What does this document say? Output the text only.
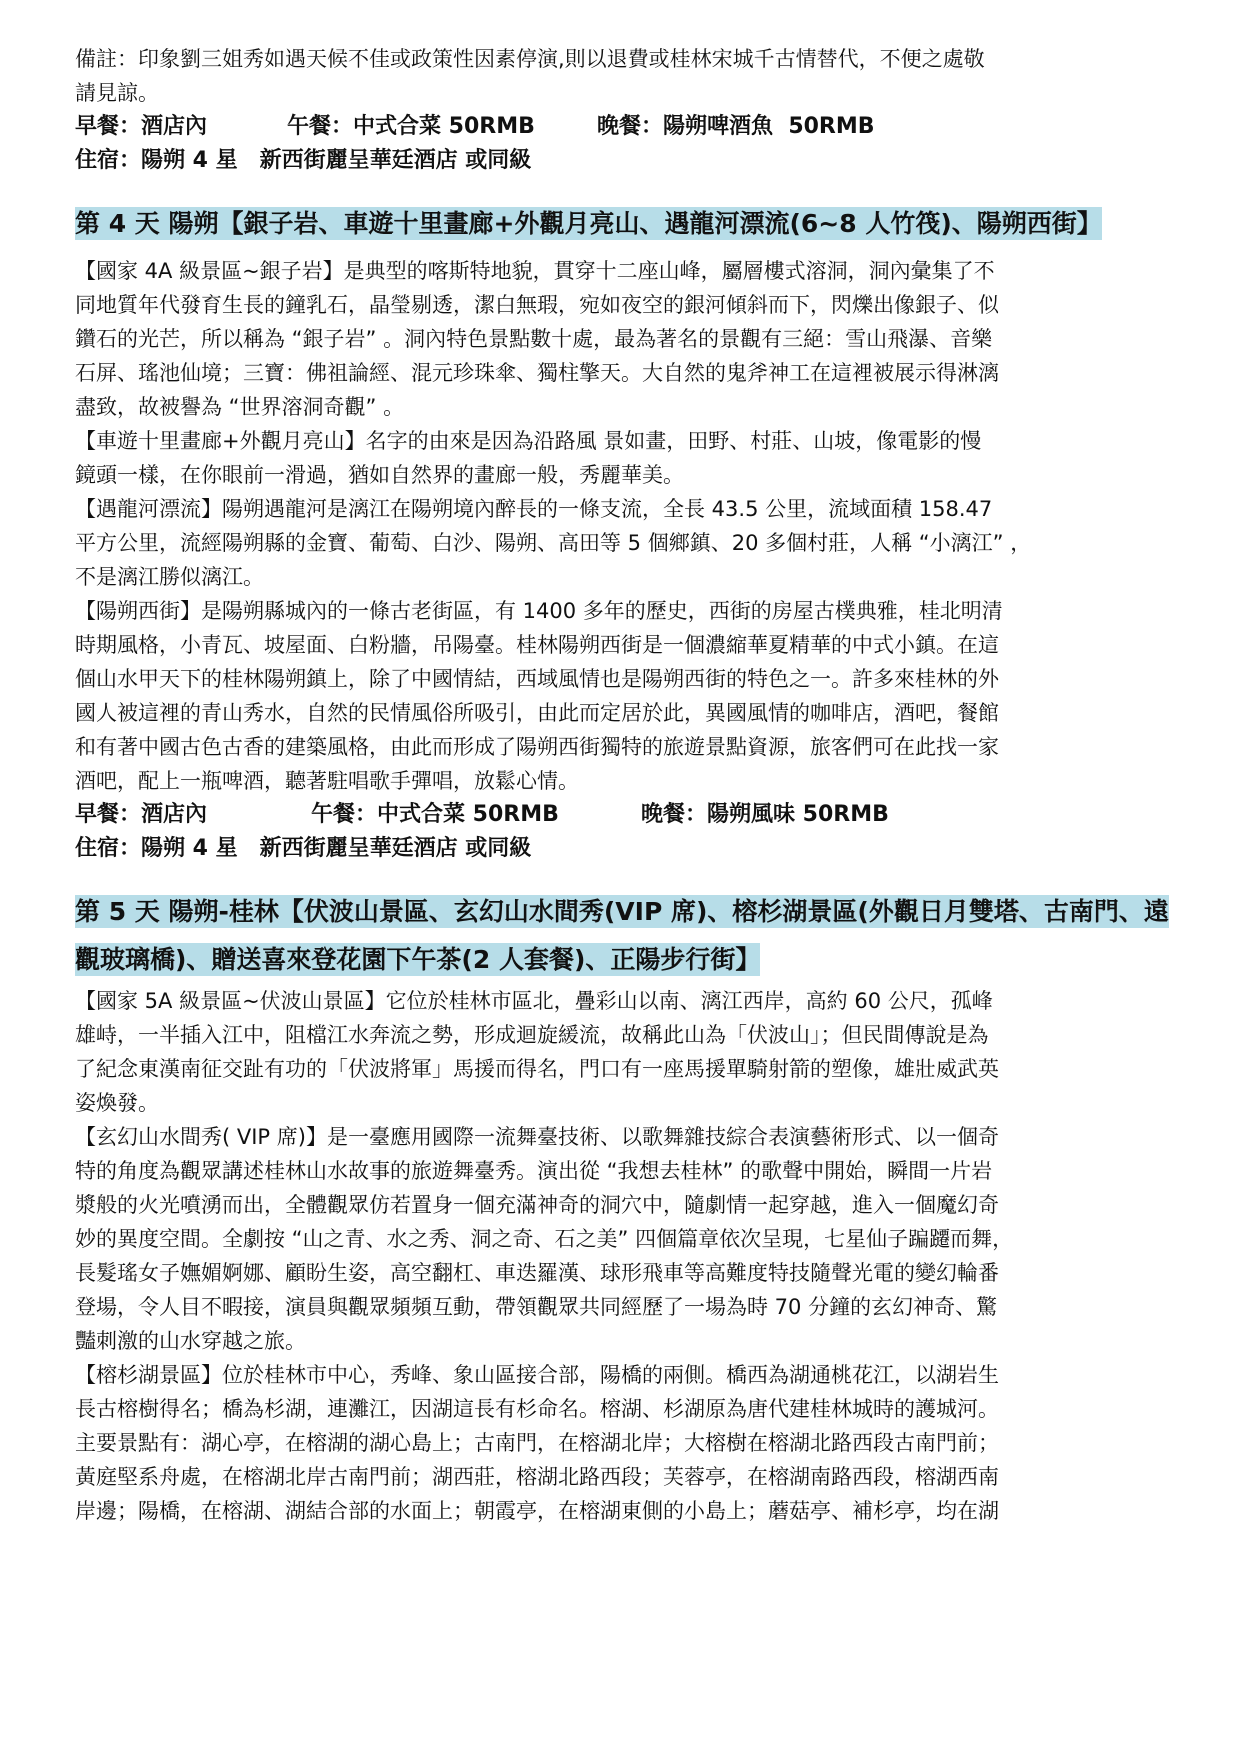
備註：印象劉三姐秀如遇天候不佳或政策性因素停演,則以退費或桂林宋城千古情替代，不便之處敬
請見諒。

早餐：酒店內	午餐：中式合菜 50RMB	晚餐：陽朔啤酒魚  50RMB

住宿：陽朔 4 星　新西街麗呈華廷酒店 或同級

第 4 天 陽朔【銀子岩、車遊十里畫廊+外觀月亮山、遇龍河漂流(6~8 人竹筏)、陽朔西街】

【國家 4A 級景區~銀子岩】是典型的喀斯特地貌，貫穿十二座山峰，屬層樓式溶洞，洞內彙集了不
同地質年代發育生長的鐘乳石，晶瑩剔透，潔白無瑕，宛如夜空的銀河傾斜而下，閃爍出像銀子、似
鑽石的光芒，所以稱為 “銀子岩” 。洞內特色景點數十處，最為著名的景觀有三絕：雪山飛瀑、音樂
石屏、瑤池仙境；三寶：佛祖論經、混元珍珠傘、獨柱擎天。大自然的鬼斧神工在這裡被展示得淋漓
盡致，故被譽為 “世界溶洞奇觀” 。

【車遊十里畫廊+外觀月亮山】名字的由來是因為沿路風 景如畫，田野、村莊、山坡，像電影的慢
鏡頭一樣，在你眼前一滑過，猶如自然界的畫廊一般，秀麗華美。

【遇龍河漂流】陽朔遇龍河是漓江在陽朔境內醉長的一條支流，全長 43.5 公里，流域面積 158.47
平方公里，流經陽朔縣的金寶、葡萄、白沙、陽朔、高田等 5 個鄉鎮、20 多個村莊，人稱 “小漓江” ，
不是漓江勝似漓江。

【陽朔西街】是陽朔縣城內的一條古老街區，有 1400 多年的歷史，西街的房屋古樸典雅，桂北明清
時期風格，小青瓦、坡屋面、白粉牆，吊陽臺。桂林陽朔西街是一個濃縮華夏精華的中式小鎮。在這
個山水甲天下的桂林陽朔鎮上，除了中國情結，西域風情也是陽朔西街的特色之一。許多來桂林的外
國人被這裡的青山秀水，自然的民情風俗所吸引，由此而定居於此，異國風情的咖啡店，酒吧，餐館
和有著中國古色古香的建築風格，由此而形成了陽朔西街獨特的旅遊景點資源，旅客們可在此找一家
酒吧，配上一瓶啤酒，聽著駐唱歌手彈唱，放鬆心情。

早餐：酒店內	午餐：中式合菜 50RMB	晚餐：陽朔風味 50RMB

住宿：陽朔 4 星　新西街麗呈華廷酒店 或同級

第 5 天 陽朔-桂林【伏波山景區、玄幻山水間秀(VIP 席)、榕杉湖景區(外觀日月雙塔、古南門、遠觀玻璃橋)、贈送喜來登花園下午茶(2 人套餐)、正陽步行街】

【國家 5A 級景區~伏波山景區】它位於桂林市區北，疊彩山以南、漓江西岸，高約 60 公尺，孤峰
雄峙，一半插入江中，阻檔江水奔流之勢，形成迴旋緩流，故稱此山為「伏波山」；但民間傳說是為
了紀念東漢南征交趾有功的「伏波將軍」馬援而得名，門口有一座馬援單騎射箭的塑像，雄壯威武英
姿煥發。

【玄幻山水間秀( VIP 席)】是一臺應用國際一流舞臺技術、以歌舞雜技綜合表演藝術形式、以一個奇
特的角度為觀眾講述桂林山水故事的旅遊舞臺秀。演出從 “我想去桂林” 的歌聲中開始，瞬間一片岩
漿般的火光噴湧而出，全體觀眾仿若置身一個充滿神奇的洞穴中，隨劇情一起穿越，進入一個魔幻奇
妙的異度空間。全劇按 “山之青、水之秀、洞之奇、石之美” 四個篇章依次呈現，七星仙子蹁躚而舞，
長髮瑤女子嫵媚婀娜、顧盼生姿，高空翻杠、車迭羅漢、球形飛車等高難度特技隨聲光電的變幻輪番
登場，令人目不暇接，演員與觀眾頻頻互動，帶領觀眾共同經歷了一場為時 70 分鐘的玄幻神奇、驚
豔刺激的山水穿越之旅。

【榕杉湖景區】位於桂林市中心，秀峰、象山區接合部，陽橋的兩側。橋西為湖通桃花江，以湖岩生
長古榕樹得名；橋為杉湖，連灘江，因湖這長有杉命名。榕湖、杉湖原為唐代建桂林城時的護城河。
主要景點有：湖心亭，在榕湖的湖心島上；古南門，在榕湖北岸；大榕樹在榕湖北路西段古南門前；
黃庭堅系舟處，在榕湖北岸古南門前；湖西莊，榕湖北路西段；芙蓉亭，在榕湖南路西段，榕湖西南
岸邊；陽橋，在榕湖、湖結合部的水面上；朝霞亭，在榕湖東側的小島上；蘑菇亭、補杉亭，均在湖
